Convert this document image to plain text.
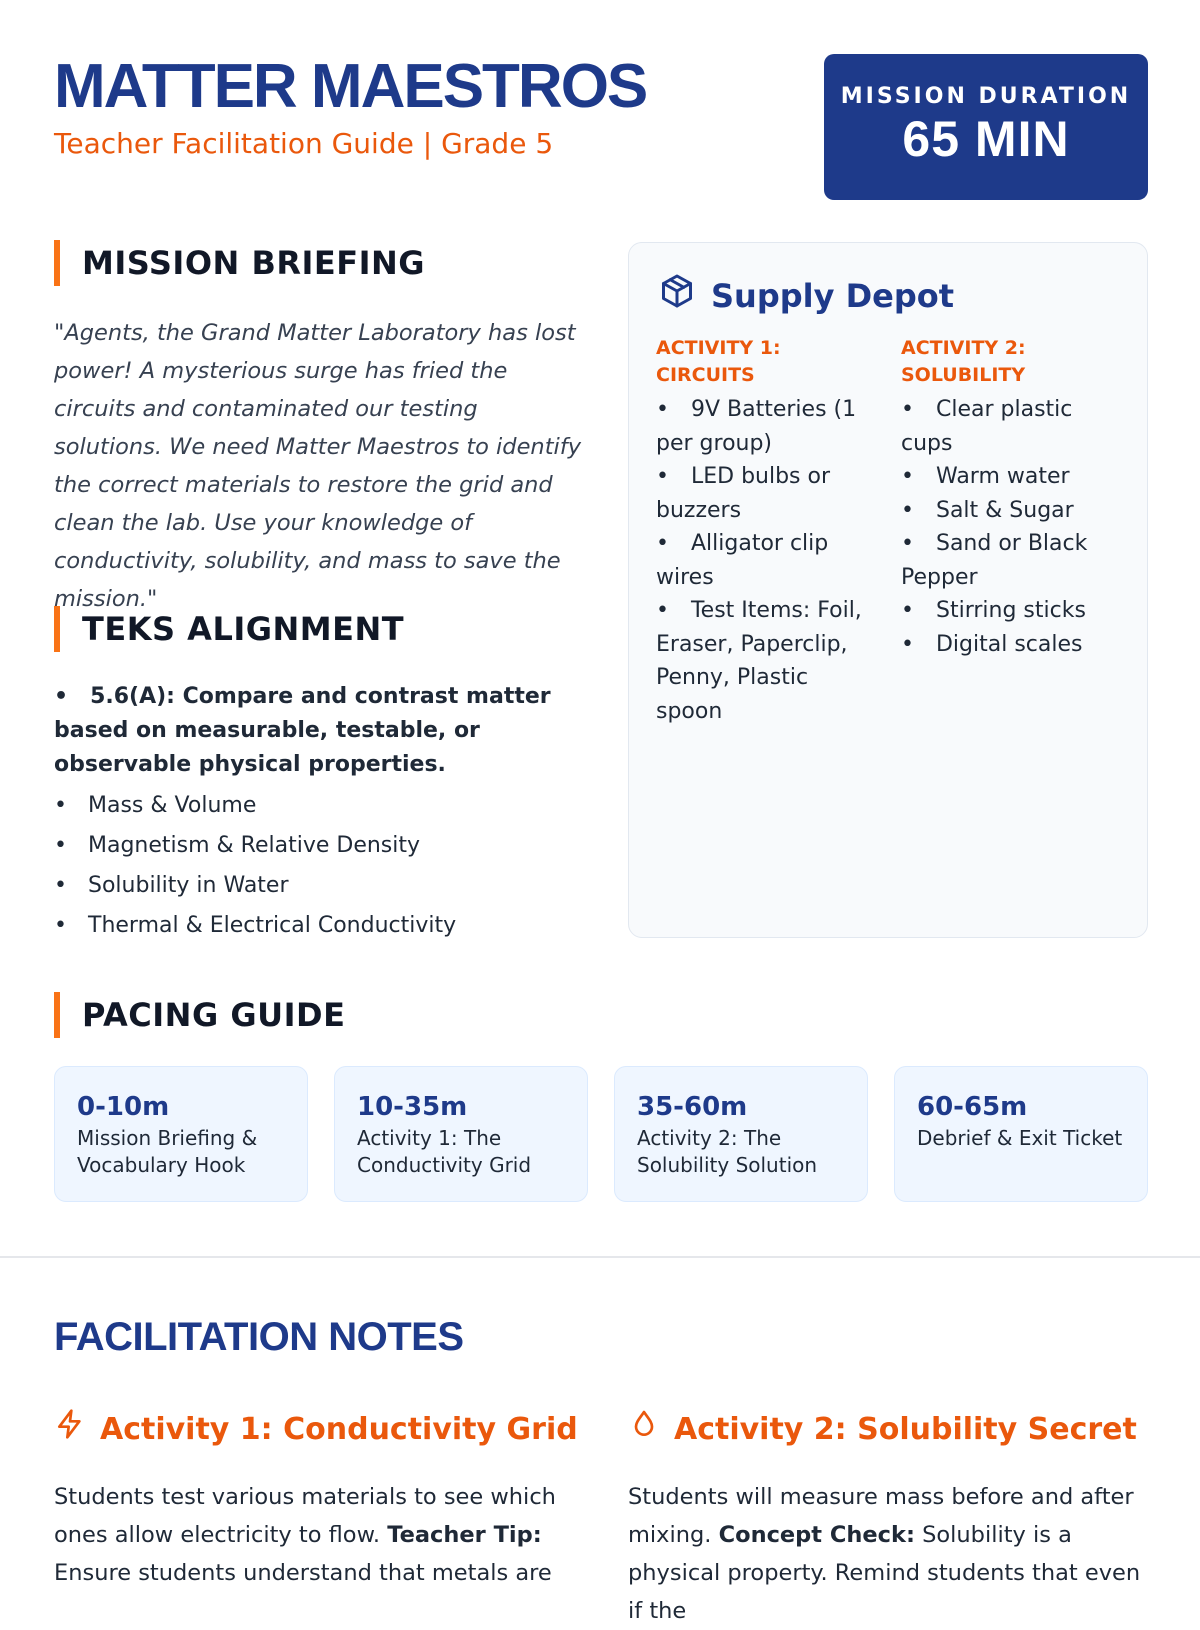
MATTER MAESTROS
Teacher Facilitation Guide | Grade 5
MISSION DURATION
65 MIN
MISSION BRIEFING
"Agents, the Grand Matter Laboratory has lost power! A mysterious surge has fried the circuits and contaminated our testing solutions. We need Matter Maestros to identify the correct materials to restore the grid and clean the lab. Use your knowledge of conductivity, solubility, and mass to save the mission."
TEKS ALIGNMENT
• 5.6(A): Compare and contrast matter based on measurable, testable, or observable physical properties.
• Mass & Volume
• Magnetism & Relative Density
• Solubility in Water
• Thermal & Electrical Conductivity
Supply Depot
ACTIVITY 1: CIRCUITS
• 9V Batteries (1 per group)
• LED bulbs or buzzers
• Alligator clip wires
• Test Items: Foil, Eraser, Paperclip, Penny, Plastic spoon
ACTIVITY 2: SOLUBILITY
• Clear plastic cups
• Warm water
• Salt & Sugar
• Sand or Black Pepper
• Stirring sticks
• Digital scales
PACING GUIDE
0-10m
Mission Briefing & Vocabulary Hook
10-35m
Activity 1: The Conductivity Grid
35-60m
Activity 2: The Solubility Solution
60-65m
Debrief & Exit Ticket
FACILITATION NOTES
Activity 1: Conductivity Grid
Students test various materials to see which ones allow electricity to flow. Teacher Tip: Ensure students understand that metals are
Activity 2: Solubility Secret
Students will measure mass before and after mixing. Concept Check: Solubility is a physical property. Remind students that even if the
